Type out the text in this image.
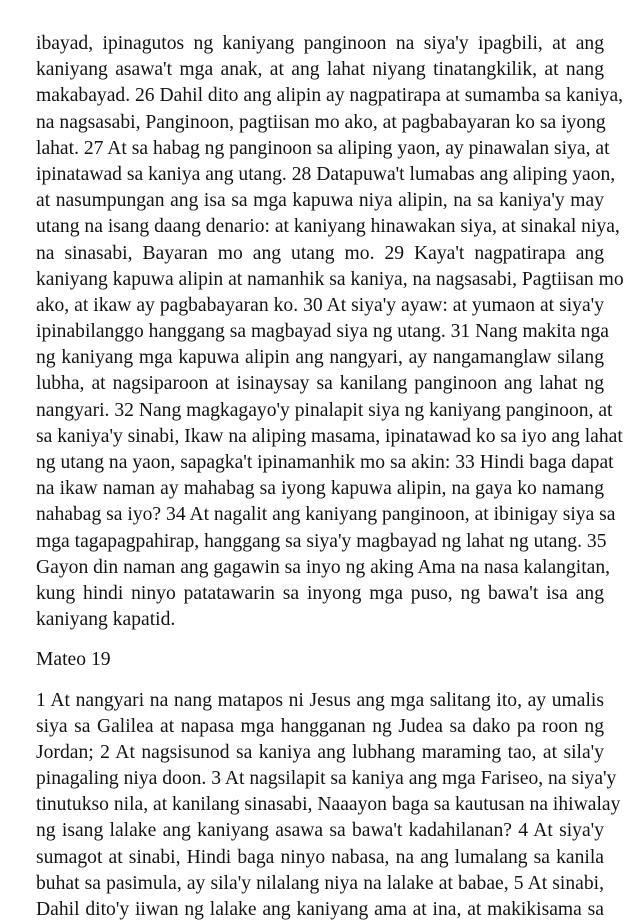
ibayad, ipinagutos ng kaniyang panginoon na siya'y ipagbili, at ang
kaniyang asawa't mga anak, at ang lahat niyang tinatangkilik, at nang
makabayad. 26 Dahil dito ang alipin ay nagpatirapa at sumamba sa kaniya,
na nagsasabi, Panginoon, pagtiisan mo ako, at pagbabayaran ko sa iyong
lahat. 27 At sa habag ng panginoon sa aliping yaon, ay pinawalan siya, at
ipinatawad sa kaniya ang utang. 28 Datapuwa't lumabas ang aliping yaon,
at nasumpungan ang isa sa mga kapuwa niya alipin, na sa kaniya'y may
utang na isang daang denario: at kaniyang hinawakan siya, at sinakal niya,
na sinasabi, Bayaran mo ang utang mo. 29 Kaya't nagpatirapa ang
kaniyang kapuwa alipin at namanhik sa kaniya, na nagsasabi, Pagtiisan mo
ako, at ikaw ay pagbabayaran ko. 30 At siya'y ayaw: at yumaon at siya'y
ipinabilanggo hanggang sa magbayad siya ng utang. 31 Nang makita nga
ng kaniyang mga kapuwa alipin ang nangyari, ay nangamanglaw silang
lubha, at nagsiparoon at isinaysay sa kanilang panginoon ang lahat ng
nangyari. 32 Nang magkagayo'y pinalapit siya ng kaniyang panginoon, at
sa kaniya'y sinabi, Ikaw na aliping masama, ipinatawad ko sa iyo ang lahat
ng utang na yaon, sapagka't ipinamanhik mo sa akin: 33 Hindi baga dapat
na ikaw naman ay mahabag sa iyong kapuwa alipin, na gaya ko namang
nahabag sa iyo? 34 At nagalit ang kaniyang panginoon, at ibinigay siya sa
mga tagapagpahirap, hanggang sa siya'y magbayad ng lahat ng utang. 35
Gayon din naman ang gagawin sa inyo ng aking Ama na nasa kalangitan,
kung hindi ninyo patatawarin sa inyong mga puso, ng bawa't isa ang
kaniyang kapatid.
Mateo 19
1 At nangyari na nang matapos ni Jesus ang mga salitang ito, ay umalis
siya sa Galilea at napasa mga hangganan ng Judea sa dako pa roon ng
Jordan; 2 At nagsisunod sa kaniya ang lubhang maraming tao, at sila'y
pinagaling niya doon. 3 At nagsilapit sa kaniya ang mga Fariseo, na siya'y
tinutukso nila, at kanilang sinasabi, Naaayon baga sa kautusan na ihiwalay
ng isang lalake ang kaniyang asawa sa bawa't kadahilanan? 4 At siya'y
sumagot at sinabi, Hindi baga ninyo nabasa, na ang lumalang sa kanila
buhat sa pasimula, ay sila'y nilalang niya na lalake at babae, 5 At sinabi,
Dahil dito'y iiwan ng lalake ang kaniyang ama at ina, at makikisama sa
